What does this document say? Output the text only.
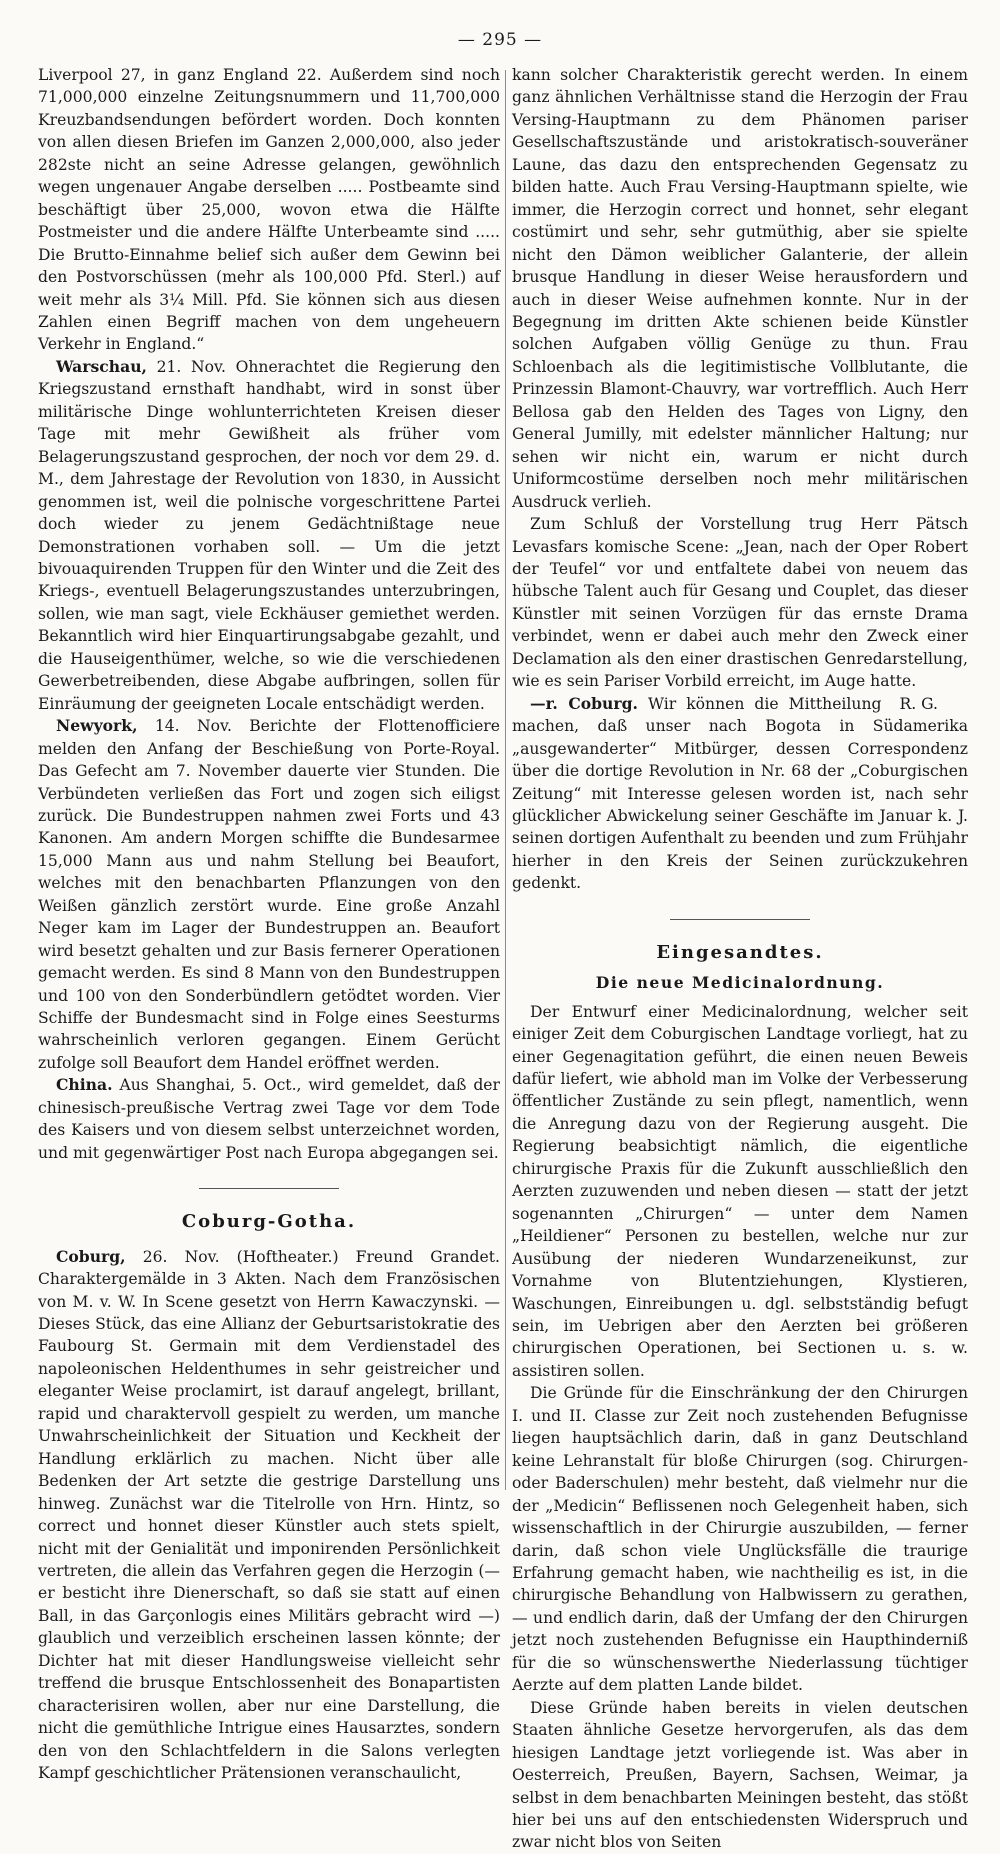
— 295 —

Liverpool 27, in ganz England 22. Außerdem sind noch 71,000,000 einzelne Zeitungsnummern und 11,700,000 Kreuzbandsendungen befördert worden. Doch konnten von allen diesen Briefen im Ganzen 2,000,000, also jeder 282ste nicht an seine Adresse gelangen, gewöhnlich wegen ungenauer Angabe derselben ..... Postbeamte sind beschäftigt über 25,000, wovon etwa die Hälfte Postmeister und die andere Hälfte Unterbeamte sind ..... Die Brutto-Einnahme belief sich außer dem Gewinn bei den Postvorschüssen (mehr als 100,000 Pfd. Sterl.) auf weit mehr als 3¼ Mill. Pfd. Sie können sich aus diesen Zahlen einen Begriff machen von dem ungeheuern Verkehr in England.“

Warschau, 21. Nov. Ohnerachtet die Regierung den Kriegszustand ernsthaft handhabt, wird in sonst über militärische Dinge wohlunterrichteten Kreisen dieser Tage mit mehr Gewißheit als früher vom Belagerungszustand gesprochen, der noch vor dem 29. d. M., dem Jahrestage der Revolution von 1830, in Aussicht genommen ist, weil die polnische vorgeschrittene Partei doch wieder zu jenem Gedächtnißtage neue Demonstrationen vorhaben soll. — Um die jetzt bivouaquirenden Truppen für den Winter und die Zeit des Kriegs-, eventuell Belagerungszustandes unterzubringen, sollen, wie man sagt, viele Eckhäuser gemiethet werden. Bekanntlich wird hier Einquartirungsabgabe gezahlt, und die Hauseigenthümer, welche, so wie die verschiedenen Gewerbetreibenden, diese Abgabe aufbringen, sollen für Einräumung der geeigneten Locale entschädigt werden.

Newyork, 14. Nov. Berichte der Flottenofficiere melden den Anfang der Beschießung von Porte-Royal. Das Gefecht am 7. November dauerte vier Stunden. Die Verbündeten verließen das Fort und zogen sich eiligst zurück. Die Bundestruppen nahmen zwei Forts und 43 Kanonen. Am andern Morgen schiffte die Bundesarmee 15,000 Mann aus und nahm Stellung bei Beaufort, welches mit den benachbarten Pflanzungen von den Weißen gänzlich zerstört wurde. Eine große Anzahl Neger kam im Lager der Bundestruppen an. Beaufort wird besetzt gehalten und zur Basis fernerer Operationen gemacht werden. Es sind 8 Mann von den Bundestruppen und 100 von den Sonderbündlern getödtet worden. Vier Schiffe der Bundesmacht sind in Folge eines Seesturms wahrscheinlich verloren gegangen. Einem Gerücht zufolge soll Beaufort dem Handel eröffnet werden.

China. Aus Shanghai, 5. Oct., wird gemeldet, daß der chinesisch-preußische Vertrag zwei Tage vor dem Tode des Kaisers und von diesem selbst unterzeichnet worden, und mit gegenwärtiger Post nach Europa abgegangen sei.

Coburg-Gotha.

Coburg, 26. Nov. (Hoftheater.) Freund Grandet. Charaktergemälde in 3 Akten. Nach dem Französischen von M. v. W. In Scene gesetzt von Herrn Kawaczynski. — Dieses Stück, das eine Allianz der Geburtsaristokratie des Faubourg St. Germain mit dem Verdienstadel des napoleonischen Heldenthumes in sehr geistreicher und eleganter Weise proclamirt, ist darauf angelegt, brillant, rapid und charaktervoll gespielt zu werden, um manche Unwahrscheinlichkeit der Situation und Keckheit der Handlung erklärlich zu machen. Nicht über alle Bedenken der Art setzte die gestrige Darstellung uns hinweg. Zunächst war die Titelrolle von Hrn. Hintz, so correct und honnet dieser Künstler auch stets spielt, nicht mit der Genialität und imponirenden Persönlichkeit vertreten, die allein das Verfahren gegen die Herzogin (— er besticht ihre Dienerschaft, so daß sie statt auf einen Ball, in das Garçonlogis eines Militärs gebracht wird —) glaublich und verzeiblich erscheinen lassen könnte; der Dichter hat mit dieser Handlungsweise vielleicht sehr treffend die brusque Entschlossenheit des Bonapartisten characterisiren wollen, aber nur eine Darstellung, die nicht die gemüthliche Intrigue eines Hausarztes, sondern den von den Schlachtfeldern in die Salons verlegten Kampf geschichtlicher Prätensionen veranschaulicht,

kann solcher Charakteristik gerecht werden. In einem ganz ähnlichen Verhältnisse stand die Herzogin der Frau Versing-Hauptmann zu dem Phänomen pariser Gesellschaftszustände und aristokratisch-souveräner Laune, das dazu den entsprechenden Gegensatz zu bilden hatte. Auch Frau Versing-Hauptmann spielte, wie immer, die Herzogin correct und honnet, sehr elegant costümirt und sehr, sehr gutmüthig, aber sie spielte nicht den Dämon weiblicher Galanterie, der allein brusque Handlung in dieser Weise herausfordern und auch in dieser Weise aufnehmen konnte. Nur in der Begegnung im dritten Akte schienen beide Künstler solchen Aufgaben völlig Genüge zu thun. Frau Schloenbach als die legitimistische Vollblutante, die Prinzessin Blamont-Chauvry, war vortrefflich. Auch Herr Bellosa gab den Helden des Tages von Ligny, den General Jumilly, mit edelster männlicher Haltung; nur sehen wir nicht ein, warum er nicht durch Uniformcostüme derselben noch mehr militärischen Ausdruck verlieh.

Zum Schluß der Vorstellung trug Herr Pätsch Levasfars komische Scene: „Jean, nach der Oper Robert der Teufel“ vor und entfaltete dabei von neuem das hübsche Talent auch für Gesang und Couplet, das dieser Künstler mit seinen Vorzügen für das ernste Drama verbindet, wenn er dabei auch mehr den Zweck einer Declamation als den einer drastischen Genredarstellung, wie es sein Pariser Vorbild erreicht, im Auge hatte.
R. G.

—r. Coburg. Wir können die Mittheilung machen, daß unser nach Bogota in Südamerika „ausgewanderter“ Mitbürger, dessen Correspondenz über die dortige Revolution in Nr. 68 der „Coburgischen Zeitung“ mit Interesse gelesen worden ist, nach sehr glücklicher Abwickelung seiner Geschäfte im Januar k. J. seinen dortigen Aufenthalt zu beenden und zum Frühjahr hierher in den Kreis der Seinen zurückzukehren gedenkt.

Eingesandtes.
Die neue Medicinalordnung.

Der Entwurf einer Medicinalordnung, welcher seit einiger Zeit dem Coburgischen Landtage vorliegt, hat zu einer Gegenagitation geführt, die einen neuen Beweis dafür liefert, wie abhold man im Volke der Verbesserung öffentlicher Zustände zu sein pflegt, namentlich, wenn die Anregung dazu von der Regierung ausgeht. Die Regierung beabsichtigt nämlich, die eigentliche chirurgische Praxis für die Zukunft ausschließlich den Aerzten zuzuwenden und neben diesen — statt der jetzt sogenannten „Chirurgen“ — unter dem Namen „Heildiener“ Personen zu bestellen, welche nur zur Ausübung der niederen Wundarzeneikunst, zur Vornahme von Blutentziehungen, Klystieren, Waschungen, Einreibungen u. dgl. selbstständig befugt sein, im Uebrigen aber den Aerzten bei größeren chirurgischen Operationen, bei Sectionen u. s. w. assistiren sollen.

Die Gründe für die Einschränkung der den Chirurgen I. und II. Classe zur Zeit noch zustehenden Befugnisse liegen hauptsächlich darin, daß in ganz Deutschland keine Lehranstalt für bloße Chirurgen (sog. Chirurgen- oder Baderschulen) mehr besteht, daß vielmehr nur die der „Medicin“ Beflissenen noch Gelegenheit haben, sich wissenschaftlich in der Chirurgie auszubilden, — ferner darin, daß schon viele Unglücksfälle die traurige Erfahrung gemacht haben, wie nachtheilig es ist, in die chirurgische Behandlung von Halbwissern zu gerathen, — und endlich darin, daß der Umfang der den Chirurgen jetzt noch zustehenden Befugnisse ein Haupthinderniß für die so wünschenswerthe Niederlassung tüchtiger Aerzte auf dem platten Lande bildet.

Diese Gründe haben bereits in vielen deutschen Staaten ähnliche Gesetze hervorgerufen, als das dem hiesigen Landtage jetzt vorliegende ist. Was aber in Oesterreich, Preußen, Bayern, Sachsen, Weimar, ja selbst in dem benachbarten Meiningen besteht, das stößt hier bei uns auf den entschiedensten Widerspruch und zwar nicht blos von Seiten
